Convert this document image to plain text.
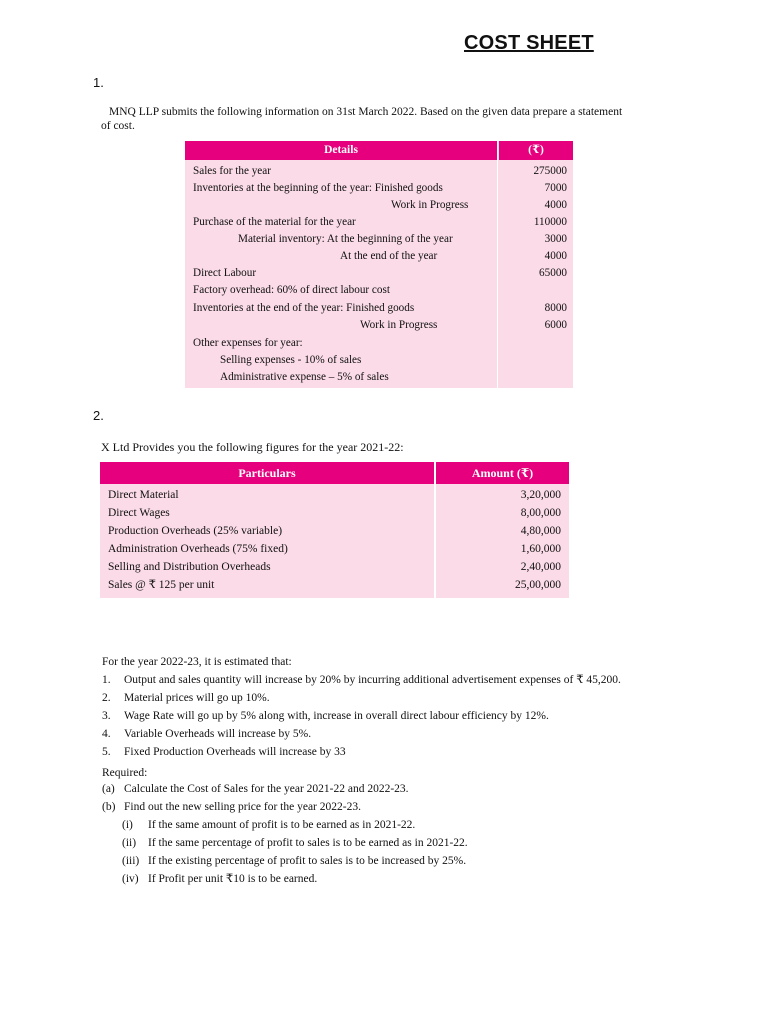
COST SHEET
1.
MNQ LLP submits the following information on 31st March 2022. Based on the given data prepare a statement
of cost.
Details	(₹)
Sales for the year	275000
Inventories at the beginning of the year: Finished goods	7000
Work in Progress	4000
Purchase of the material for the year	110000
Material inventory: At the beginning of the year	3000
At the end of the year	4000
Direct Labour	65000
Factory overhead: 60% of direct labour cost
Inventories at the end of the year: Finished goods	8000
Work in Progress	6000
Other expenses for year:
Selling expenses - 10% of sales
Administrative expense – 5% of sales
2.
X Ltd Provides you the following figures for the year 2021-22:
Particulars	Amount (₹)
Direct Material	3,20,000
Direct Wages	8,00,000
Production Overheads (25% variable)	4,80,000
Administration Overheads (75% fixed)	1,60,000
Selling and Distribution Overheads	2,40,000
Sales @ ₹ 125 per unit	25,00,000
For the year 2022-23, it is estimated that:
1. Output and sales quantity will increase by 20% by incurring additional advertisement expenses of ₹ 45,200.
2. Material prices will go up 10%.
3. Wage Rate will go up by 5% along with, increase in overall direct labour efficiency by 12%.
4. Variable Overheads will increase by 5%.
5. Fixed Production Overheads will increase by 33
Required:
(a) Calculate the Cost of Sales for the year 2021-22 and 2022-23.
(b) Find out the new selling price for the year 2022-23.
(i) If the same amount of profit is to be earned as in 2021-22.
(ii) If the same percentage of profit to sales is to be earned as in 2021-22.
(iii) If the existing percentage of profit to sales is to be increased by 25%.
(iv) If Profit per unit ₹10 is to be earned.
